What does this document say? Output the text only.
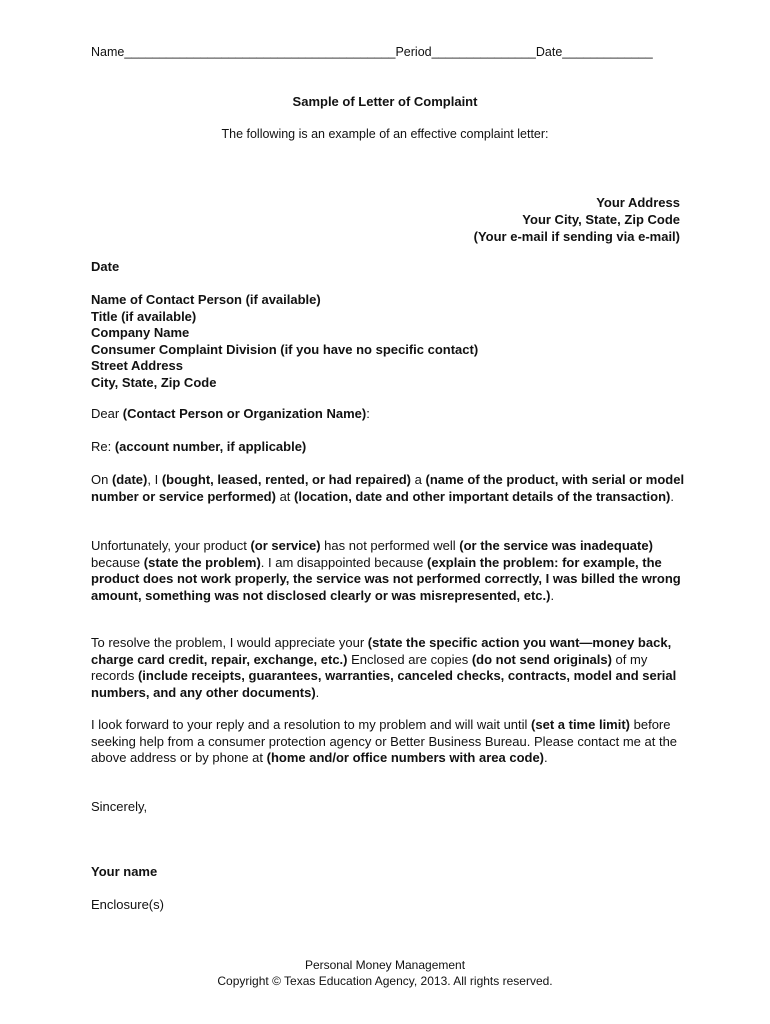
Name_______________________________________Period_______________Date_____________
Sample of Letter of Complaint
The following is an example of an effective complaint letter:
Your Address
Your City, State, Zip Code
(Your e-mail if sending via e-mail)
Date
Name of Contact Person (if available)
Title (if available)
Company Name
Consumer Complaint Division (if you have no specific contact)
Street Address
City, State, Zip Code
Dear (Contact Person or Organization Name):
Re: (account number, if applicable)
On (date), I (bought, leased, rented, or had repaired) a (name of the product, with serial or model number or service performed) at (location, date and other important details of the transaction).
Unfortunately, your product (or service) has not performed well (or the service was inadequate) because (state the problem). I am disappointed because (explain the problem: for example, the
product does not work properly, the service was not performed correctly, I was billed the wrong amount, something was not disclosed clearly or was misrepresented, etc.).
To resolve the problem, I would appreciate your (state the specific action you want—money back, charge card credit, repair, exchange, etc.) Enclosed are copies (do not send originals) of my records (include receipts, guarantees, warranties, canceled checks, contracts, model and serial numbers, and any other documents).
I look forward to your reply and a resolution to my problem and will wait until (set a time limit) before seeking help from a consumer protection agency or Better Business Bureau. Please contact me at the above address or by phone at (home and/or office numbers with area code).
Sincerely,
Your name
Enclosure(s)
Personal Money Management
Copyright © Texas Education Agency, 2013. All rights reserved.
